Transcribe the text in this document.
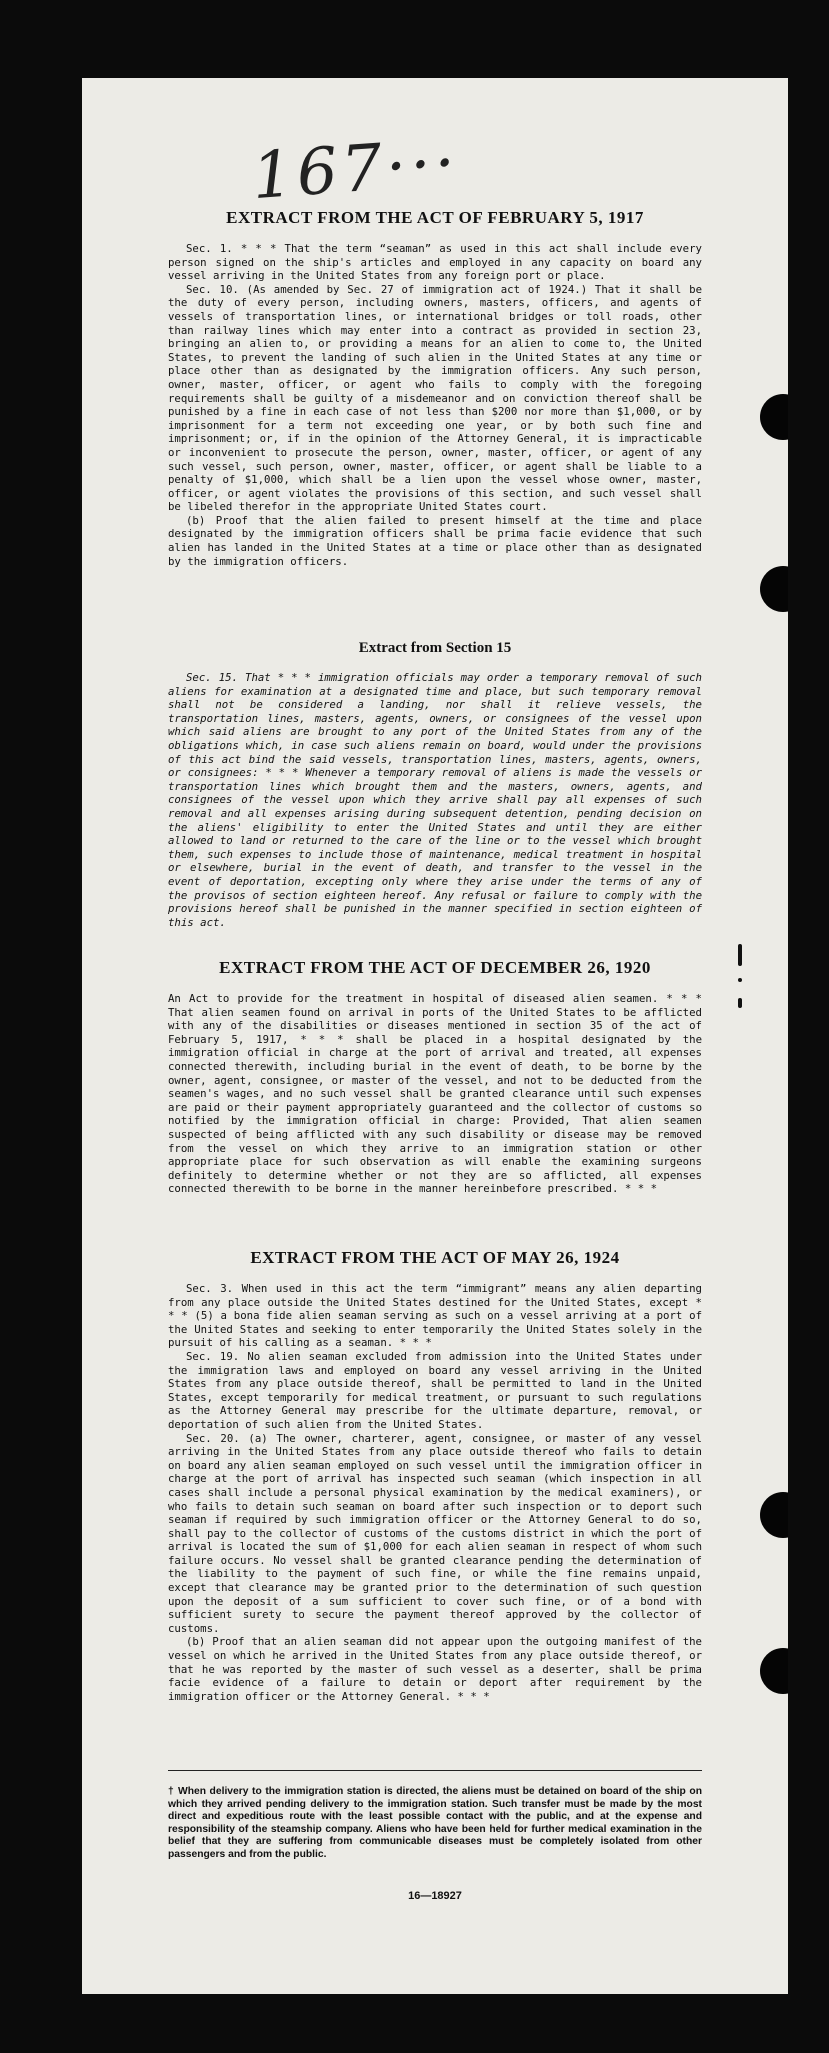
167···
EXTRACT FROM THE ACT OF FEBRUARY 5, 1917

Sec. 1. * * * That the term “seaman” as used in this act shall include every person signed on the ship's articles and employed in any capacity on board any vessel arriving in the United States from any foreign port or place.

Sec. 10. (As amended by Sec. 27 of immigration act of 1924.) That it shall be the duty of every person, including owners, masters, officers, and agents of vessels of transportation lines, or international bridges or toll roads, other than railway lines which may enter into a contract as provided in section 23, bringing an alien to, or providing a means for an alien to come to, the United States, to prevent the landing of such alien in the United States at any time or place other than as designated by the immigration officers. Any such person, owner, master, officer, or agent who fails to comply with the foregoing requirements shall be guilty of a misdemeanor and on conviction thereof shall be punished by a fine in each case of not less than $200 nor more than $1,000, or by imprisonment for a term not exceeding one year, or by both such fine and imprisonment; or, if in the opinion of the Attorney General, it is impracticable or inconvenient to prosecute the person, owner, master, officer, or agent of any such vessel, such person, owner, master, officer, or agent shall be liable to a penalty of $1,000, which shall be a lien upon the vessel whose owner, master, officer, or agent violates the provisions of this section, and such vessel shall be libeled therefor in the appropriate United States court.

(b) Proof that the alien failed to present himself at the time and place designated by the immigration officers shall be prima facie evidence that such alien has landed in the United States at a time or place other than as designated by the immigration officers.

Extract from Section 15

Sec. 15. That * * * immigration officials may order a temporary removal of such aliens for examination at a designated time and place, but such temporary removal shall not be considered a landing, nor shall it relieve vessels, the transportation lines, masters, agents, owners, or consignees of the vessel upon which said aliens are brought to any port of the United States from any of the obligations which, in case such aliens remain on board, would under the provisions of this act bind the said vessels, transportation lines, masters, agents, owners, or consignees: * * * Whenever a temporary removal of aliens is made the vessels or transportation lines which brought them and the masters, owners, agents, and consignees of the vessel upon which they arrive shall pay all expenses of such removal and all expenses arising during subsequent detention, pending decision on the aliens' eligibility to enter the United States and until they are either allowed to land or returned to the care of the line or to the vessel which brought them, such expenses to include those of maintenance, medical treatment in hospital or elsewhere, burial in the event of death, and transfer to the vessel in the event of deportation, excepting only where they arise under the terms of any of the provisos of section eighteen hereof. Any refusal or failure to comply with the provisions hereof shall be punished in the manner specified in section eighteen of this act.

EXTRACT FROM THE ACT OF DECEMBER 26, 1920

An Act to provide for the treatment in hospital of diseased alien seamen. * * * That alien seamen found on arrival in ports of the United States to be afflicted with any of the disabilities or diseases mentioned in section 35 of the act of February 5, 1917, * * * shall be placed in a hospital designated by the immigration official in charge at the port of arrival and treated, all expenses connected therewith, including burial in the event of death, to be borne by the owner, agent, consignee, or master of the vessel, and not to be deducted from the seamen's wages, and no such vessel shall be granted clearance until such expenses are paid or their payment appropriately guaranteed and the collector of customs so notified by the immigration official in charge: Provided, That alien seamen suspected of being afflicted with any such disability or disease may be removed from the vessel on which they arrive to an immigration station or other appropriate place for such observation as will enable the examining surgeons definitely to determine whether or not they are so afflicted, all expenses connected therewith to be borne in the manner hereinbefore prescribed. * * *

EXTRACT FROM THE ACT OF MAY 26, 1924

Sec. 3. When used in this act the term “immigrant” means any alien departing from any place outside the United States destined for the United States, except * * * (5) a bona fide alien seaman serving as such on a vessel arriving at a port of the United States and seeking to enter temporarily the United States solely in the pursuit of his calling as a seaman. * * *

Sec. 19. No alien seaman excluded from admission into the United States under the immigration laws and employed on board any vessel arriving in the United States from any place outside thereof, shall be permitted to land in the United States, except temporarily for medical treatment, or pursuant to such regulations as the Attorney General may prescribe for the ultimate departure, removal, or deportation of such alien from the United States.

Sec. 20. (a) The owner, charterer, agent, consignee, or master of any vessel arriving in the United States from any place outside thereof who fails to detain on board any alien seaman employed on such vessel until the immigration officer in charge at the port of arrival has inspected such seaman (which inspection in all cases shall include a personal physical examination by the medical examiners), or who fails to detain such seaman on board after such inspection or to deport such seaman if required by such immigration officer or the Attorney General to do so, shall pay to the collector of customs of the customs district in which the port of arrival is located the sum of $1,000 for each alien seaman in respect of whom such failure occurs. No vessel shall be granted clearance pending the determination of the liability to the payment of such fine, or while the fine remains unpaid, except that clearance may be granted prior to the determination of such question upon the deposit of a sum sufficient to cover such fine, or of a bond with sufficient surety to secure the payment thereof approved by the collector of customs.

(b) Proof that an alien seaman did not appear upon the outgoing manifest of the vessel on which he arrived in the United States from any place outside thereof, or that he was reported by the master of such vessel as a deserter, shall be prima facie evidence of a failure to detain or deport after requirement by the immigration officer or the Attorney General. * * *

† When delivery to the immigration station is directed, the aliens must be detained on board of the ship on which they arrived pending delivery to the immigration station. Such transfer must be made by the most direct and expeditious route with the least possible contact with the public, and at the expense and responsibility of the steamship company. Aliens who have been held for further medical examination in the belief that they are suffering from communicable diseases must be completely isolated from other passengers and from the public.

16—18927
